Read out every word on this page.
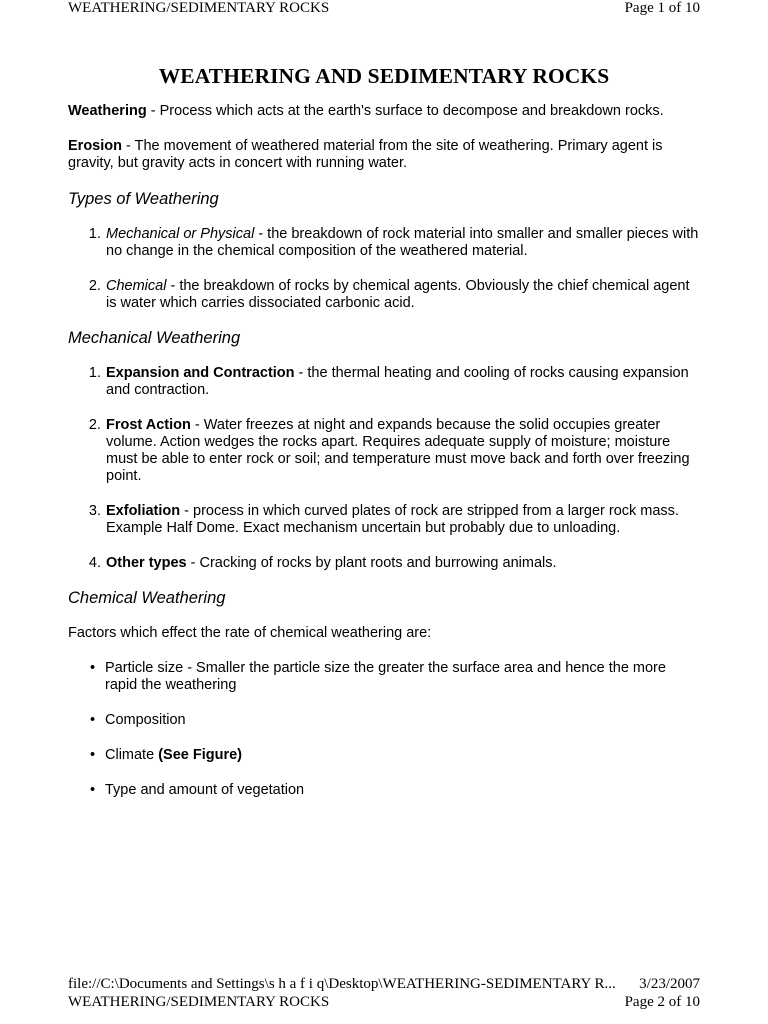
WEATHERING/SEDIMENTARY ROCKS	Page 1 of 10
WEATHERING AND SEDIMENTARY ROCKS

Weathering - Process which acts at the earth's surface to decompose and breakdown rocks.

Erosion - The movement of weathered material from the site of weathering. Primary agent is gravity, but gravity acts in concert with running water.

Types of Weathering
1. Mechanical or Physical - the breakdown of rock material into smaller and smaller pieces with no change in the chemical composition of the weathered material.
2. Chemical - the breakdown of rocks by chemical agents. Obviously the chief chemical agent is water which carries dissociated carbonic acid.
Mechanical Weathering
1. Expansion and Contraction - the thermal heating and cooling of rocks causing expansion and contraction.
2. Frost Action - Water freezes at night and expands because the solid occupies greater volume. Action wedges the rocks apart. Requires adequate supply of moisture; moisture must be able to enter rock or soil; and temperature must move back and forth over freezing point.
3. Exfoliation - process in which curved plates of rock are stripped from a larger rock mass. Example Half Dome. Exact mechanism uncertain but probably due to unloading.
4. Other types - Cracking of rocks by plant roots and burrowing animals.
Chemical Weathering

Factors which effect the rate of chemical weathering are:

• Particle size - Smaller the particle size the greater the surface area and hence the more rapid the weathering
• Composition
• Climate (See Figure)
• Type and amount of vegetation
file://C:\Documents and Settings\s h a f i q\Desktop\WEATHERING-SEDIMENTARY R... 3/23/2007
WEATHERING/SEDIMENTARY ROCKS	Page 2 of 10
